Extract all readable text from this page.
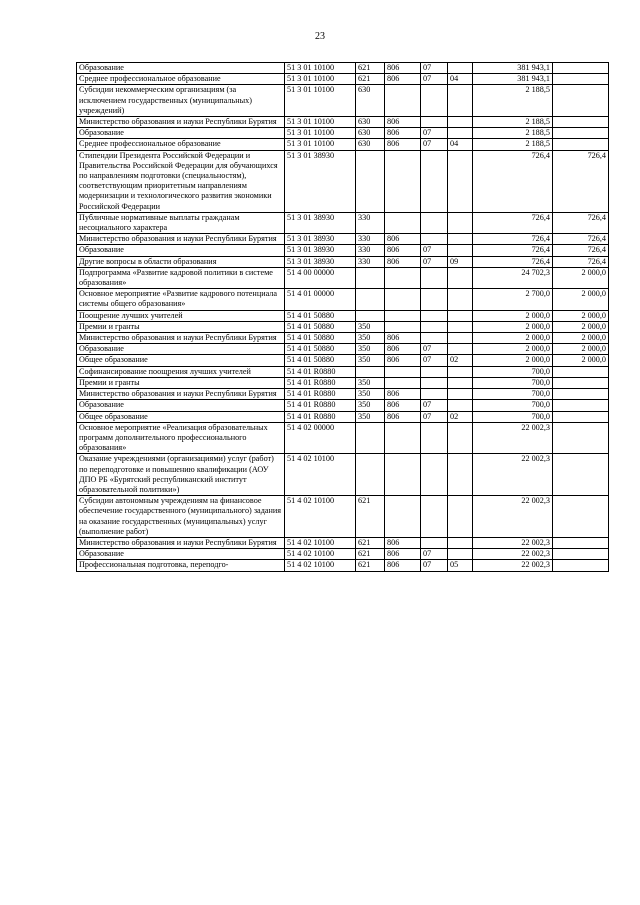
23
Образование	51 3 01 10100	621	806	07		381 943,1	
Среднее профессиональное образование	51 3 01 10100	621	806	07	04	381 943,1	
Субсидии некоммерческим организациям (за исключением государственных (муниципальных) учреждений)	51 3 01 10100	630				2 188,5	
Министерство образования и науки Республики Бурятия	51 3 01 10100	630	806			2 188,5	
Образование	51 3 01 10100	630	806	07		2 188,5	
Среднее профессиональное образование	51 3 01 10100	630	806	07	04	2 188,5	
Стипендии Президента Российской Федерации и Правительства Российской Федерации для обучающихся по направлениям подготовки (специальностям), соответствующим приоритетным направлениям модернизации и технологического развития экономики Российской Федерации	51 3 01 38930					726,4	726,4
Публичные нормативные выплаты гражданам несоциального характера	51 3 01 38930	330				726,4	726,4
Министерство образования и науки Республики Бурятия	51 3 01 38930	330	806			726,4	726,4
Образование	51 3 01 38930	330	806	07		726,4	726,4
Другие вопросы в области образования	51 3 01 38930	330	806	07	09	726,4	726,4
Подпрограмма «Развитие кадровой политики в системе образования»	51 4 00 00000					24 702,3	2 000,0
Основное мероприятие «Развитие кадрового потенциала системы общего образования»	51 4 01 00000					2 700,0	2 000,0
Поощрение лучших учителей	51 4 01 50880					2 000,0	2 000,0
Премии и гранты	51 4 01 50880	350				2 000,0	2 000,0
Министерство образования и науки Республики Бурятия	51 4 01 50880	350	806			2 000,0	2 000,0
Образование	51 4 01 50880	350	806	07		2 000,0	2 000,0
Общее образование	51 4 01 50880	350	806	07	02	2 000,0	2 000,0
Софинансирование поощрения лучших учителей	51 4 01 R0880					700,0	
Премии и гранты	51 4 01 R0880	350				700,0	
Министерство образования и науки Республики Бурятия	51 4 01 R0880	350	806			700,0	
Образование	51 4 01 R0880	350	806	07		700,0	
Общее образование	51 4 01 R0880	350	806	07	02	700,0	
Основное мероприятие «Реализация образовательных программ дополнительного профессионального образования»	51 4 02 00000					22 002,3	
Оказание учреждениями (организациями) услуг (работ) по переподготовке и повышению квалификации (АОУ ДПО РБ «Бурятский республиканский институт образовательной политики»)	51 4 02 10100					22 002,3	
Субсидии автономным учреждениям на финансовое обеспечение государственного (муниципального) задания на оказание государственных (муниципальных) услуг (выполнение работ)	51 4 02 10100	621				22 002,3	
Министерство образования и науки Республики Бурятия	51 4 02 10100	621	806			22 002,3	
Образование	51 4 02 10100	621	806	07		22 002,3	
Профессиональная подготовка, переподго-	51 4 02 10100	621	806	07	05	22 002,3	
